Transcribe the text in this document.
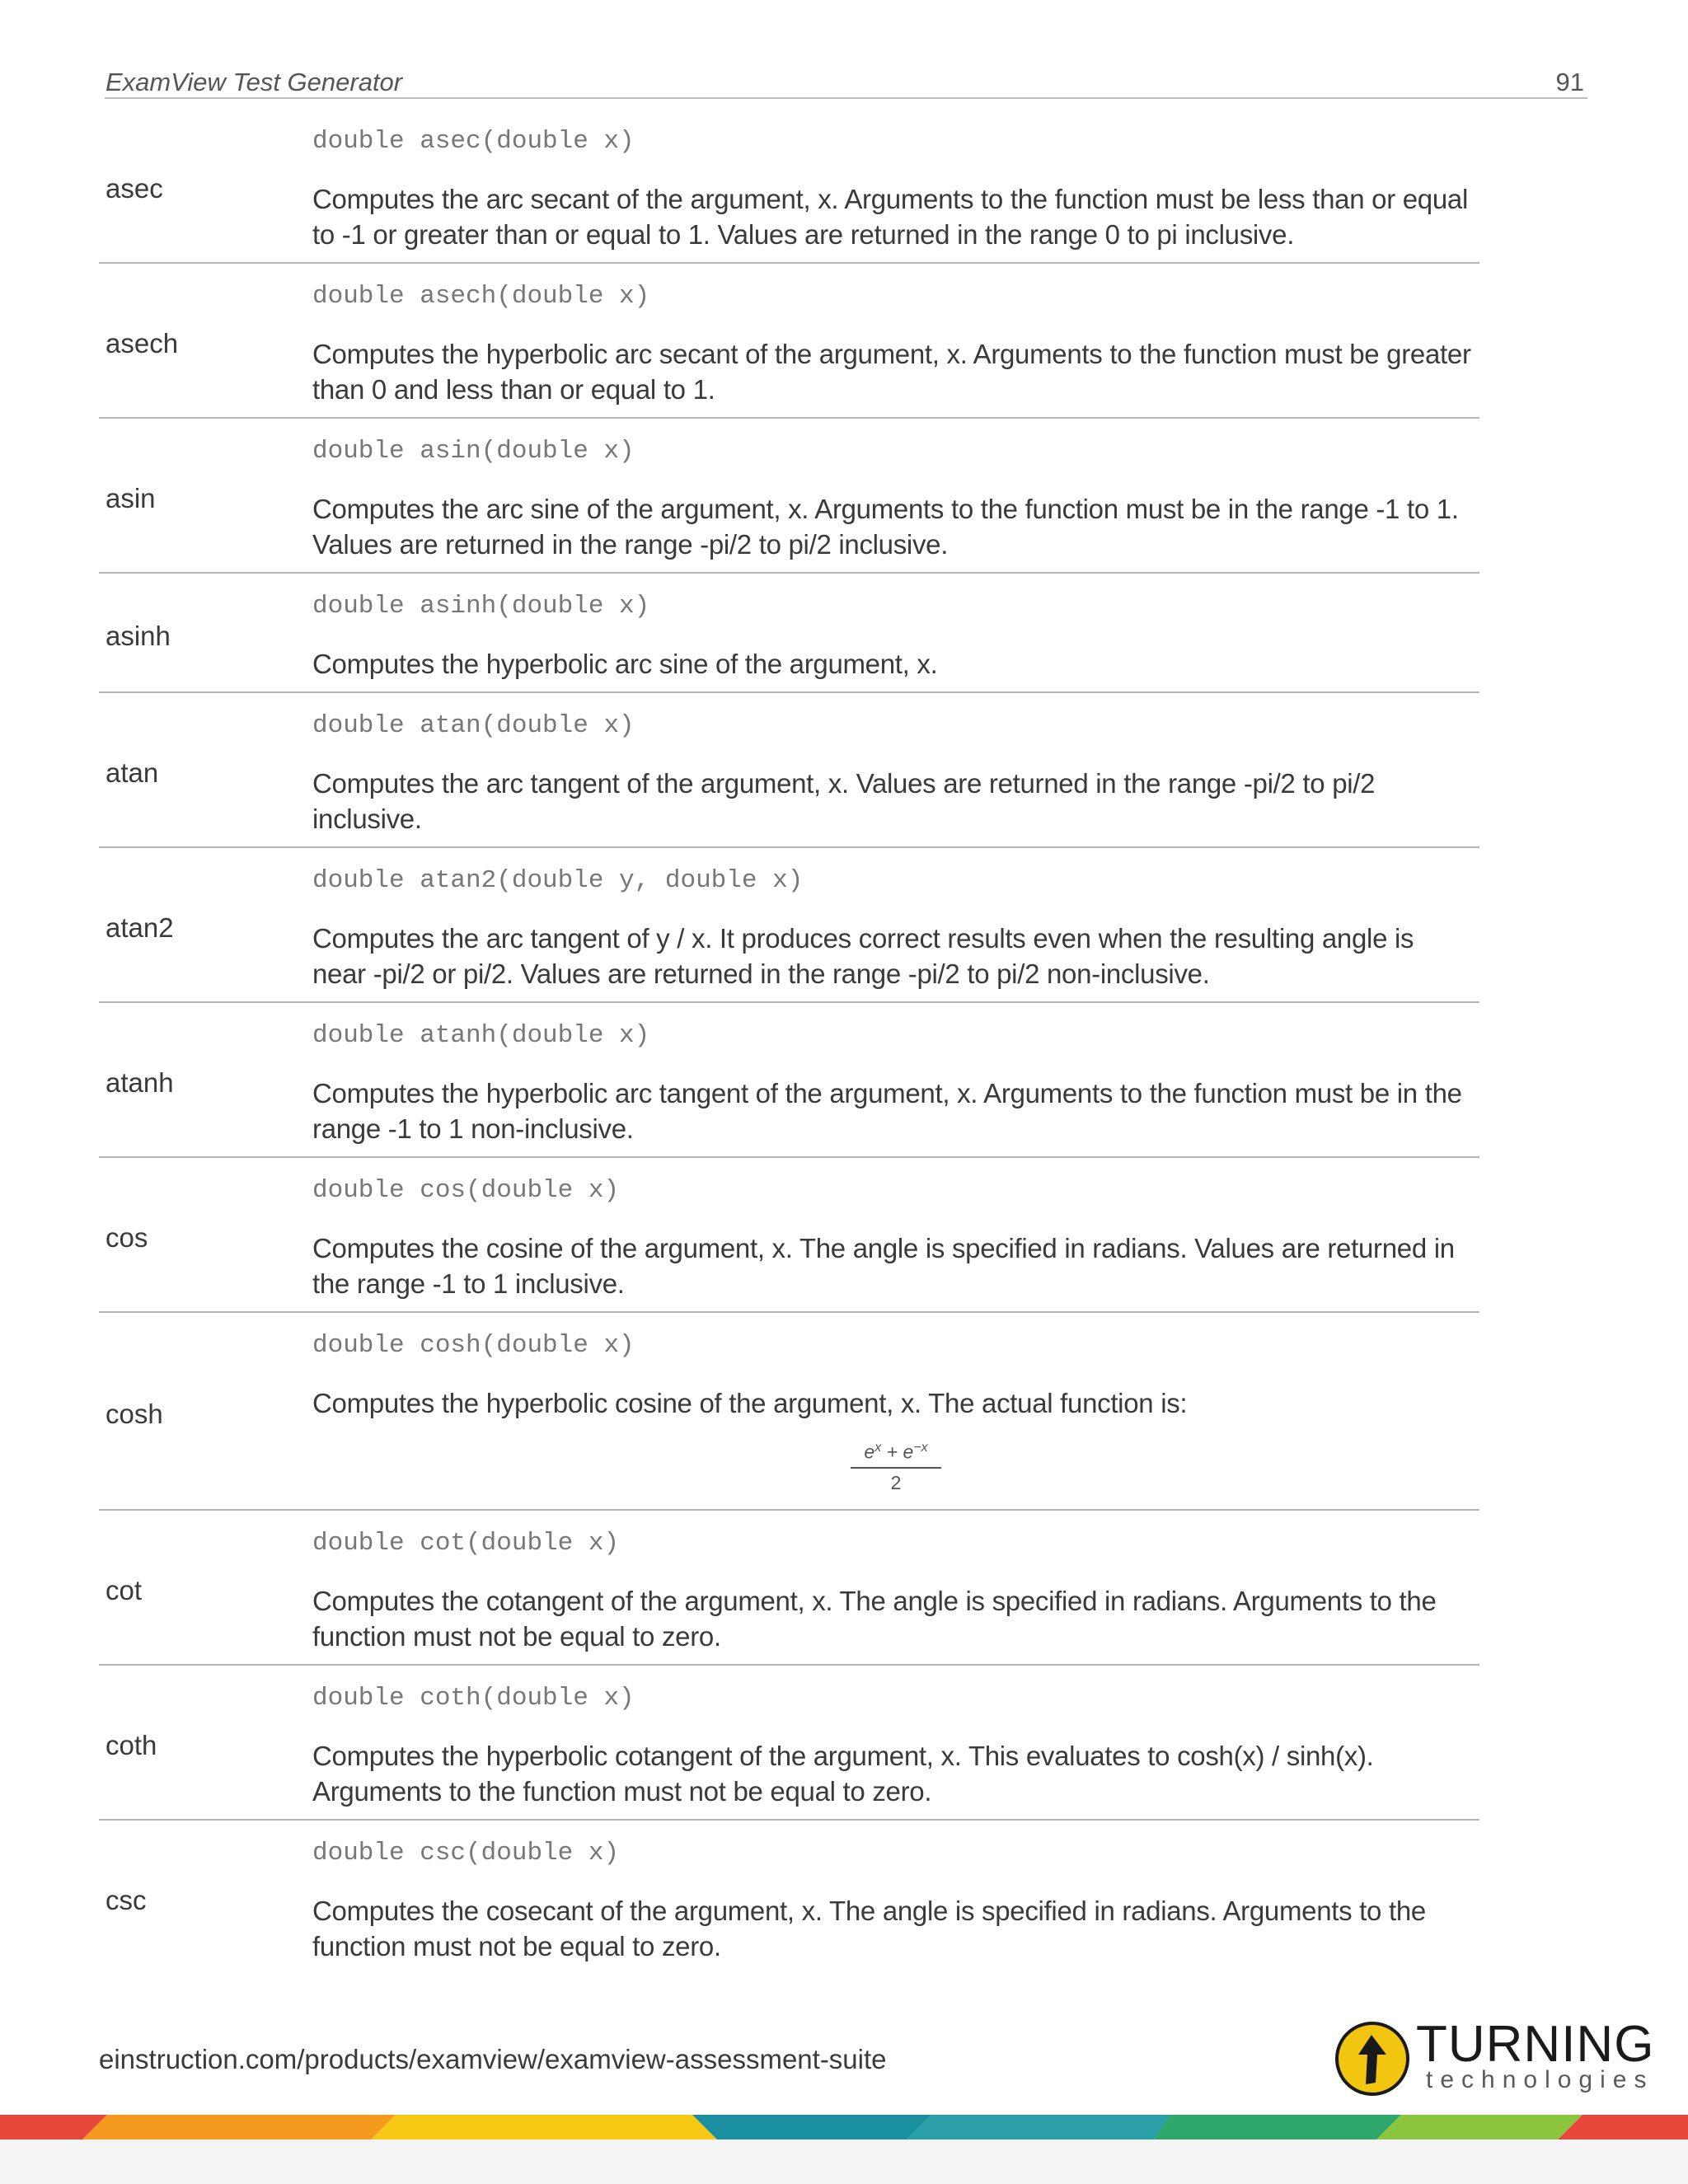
ExamView Test Generator	91
asec
double asec(double x)
Computes the arc secant of the argument, x. Arguments to the function must be less than or equal to -1 or greater than or equal to 1. Values are returned in the range 0 to pi inclusive.
asech
double asech(double x)
Computes the hyperbolic arc secant of the argument, x. Arguments to the function must be greater than 0 and less than or equal to 1.
asin
double asin(double x)
Computes the arc sine of the argument, x. Arguments to the function must be in the range -1 to 1. Values are returned in the range -pi/2 to pi/2 inclusive.
asinh
double asinh(double x)
Computes the hyperbolic arc sine of the argument, x.
atan
double atan(double x)
Computes the arc tangent of the argument, x. Values are returned in the range -pi/2 to pi/2 inclusive.
atan2
double atan2(double y, double x)
Computes the arc tangent of y / x. It produces correct results even when the resulting angle is near -pi/2 or pi/2. Values are returned in the range -pi/2 to pi/2 non-inclusive.
atanh
double atanh(double x)
Computes the hyperbolic arc tangent of the argument, x. Arguments to the function must be in the range -1 to 1 non-inclusive.
cos
double cos(double x)
Computes the cosine of the argument, x. The angle is specified in radians. Values are returned in the range -1 to 1 inclusive.
cosh
double cosh(double x)
Computes the hyperbolic cosine of the argument, x. The actual function is:
$e^x + e^{-x}$
2
cot
double cot(double x)
Computes the cotangent of the argument, x. The angle is specified in radians. Arguments to the function must not be equal to zero.
coth
double coth(double x)
Computes the hyperbolic cotangent of the argument, x. This evaluates to cosh(x) / sinh(x). Arguments to the function must not be equal to zero.
csc
double csc(double x)
Computes the cosecant of the argument, x. The angle is specified in radians. Arguments to the function must not be equal to zero.
einstruction.com/products/examview/examview-assessment-suite	TURNING
technologies
